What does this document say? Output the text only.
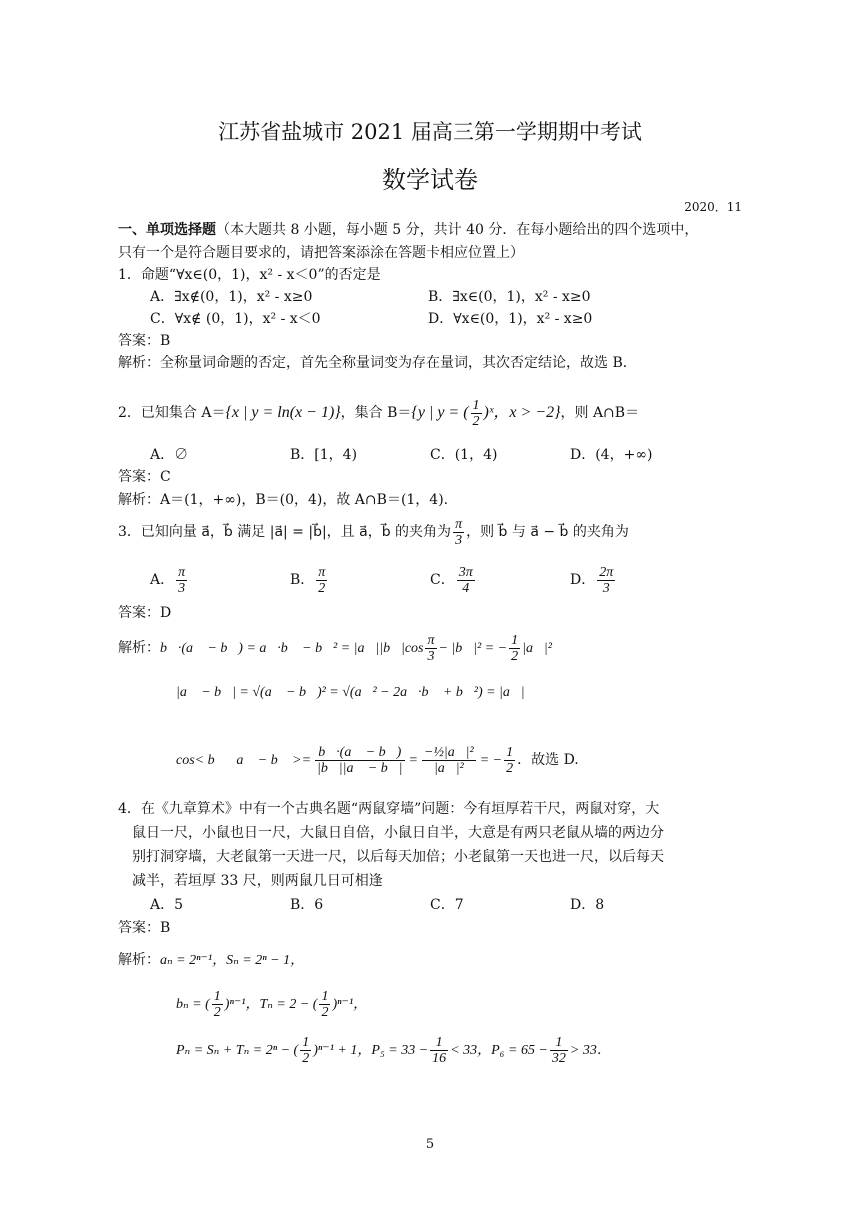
江苏省盐城市 2021 届高三第一学期期中考试
数学试卷
2020．11
一、单项选择题（本大题共 8 小题，每小题 5 分，共计 40 分．在每小题给出的四个选项中，
只有一个是符合题目要求的，请把答案添涂在答题卡相应位置上）
1．命题“∀x∈(0，1)，x² - x＜0”的否定是
A．∃x∉(0，1)，x² - x≥0	B．∃x∈(0，1)，x² - x≥0
C．∀x∉ (0，1)，x² - x＜0	D．∀x∈(0，1)，x² - x≥0
答案：B
解析：全称量词命题的否定，首先全称量词变为存在量词，其次否定结论，故选 B．
2．已知集合 A＝{x | y = ln(x − 1)}，集合 B＝{y | y = ( $\frac{1}{2}$ )ˣ，x > −2}，则 A∩B＝
A．∅	B．[1，4)	C．(1，4)	D．(4，+∞)
答案：C
解析：A＝(1，+∞)，B＝(0，4)，故 A∩B＝(1，4).
3．已知向量 a⃗，b⃗ 满足 |a⃗| = |b⃗|，且 a⃗，b⃗ 的夹角为 $\frac{\pi}{3}$ ，则 b⃗ 与 a⃗ − b⃗ 的夹角为
A． $\frac{\pi}{3}$	B． $\frac{\pi}{2}$	C． $\frac{3\pi}{4}$	D． $\frac{2\pi}{3}$
答案：D
解析：b⃗·(a⃗ − b⃗) = a⃗·b⃗ − b⃗² = |a⃗||b⃗|cos $\frac{\pi}{3}$ − |b⃗|² = − $\frac{1}{2}$ |a⃗|²，
|a⃗ − b⃗| = √(a⃗ − b⃗)² = √(a⃗² − 2a⃗·b⃗ + b⃗²) = |a⃗|，
cos< b⃗，a⃗ − b⃗ >= $\frac{b⃗\cdot(a⃗ - b⃗)}{|b⃗||a⃗ - b⃗|} = \frac{\text{−½|a⃗|²}}{\text{|a⃗|²}}$ = − $\frac{1}{2}$ ．故选 D.
4．在《九章算术》中有一个古典名题“两鼠穿墙”问题：今有垣厚若干尺，两鼠对穿，大
鼠日一尺，小鼠也日一尺，大鼠日自倍，小鼠日自半，大意是有两只老鼠从墙的两边分
别打洞穿墙，大老鼠第一天进一尺，以后每天加倍；小老鼠第一天也进一尺，以后每天
减半，若垣厚 33 尺，则两鼠几日可相逢
A．5	B．6	C．7	D．8
答案：B
解析：aₙ = 2ⁿ⁻¹，Sₙ = 2ⁿ − 1，
bₙ = ( $\frac{1}{2} )^{n-1}$，Tₙ = 2 − ( $\frac{1}{2} )^{n-1}$，
Pₙ = Sₙ + Tₙ = 2ⁿ − ( $\frac{1}{2} )^{n-1} + 1$，$P_5 = 33 - \frac{1}{16} < 33$，$P_6 = 65 - \frac{1}{32} > 33$．
5
